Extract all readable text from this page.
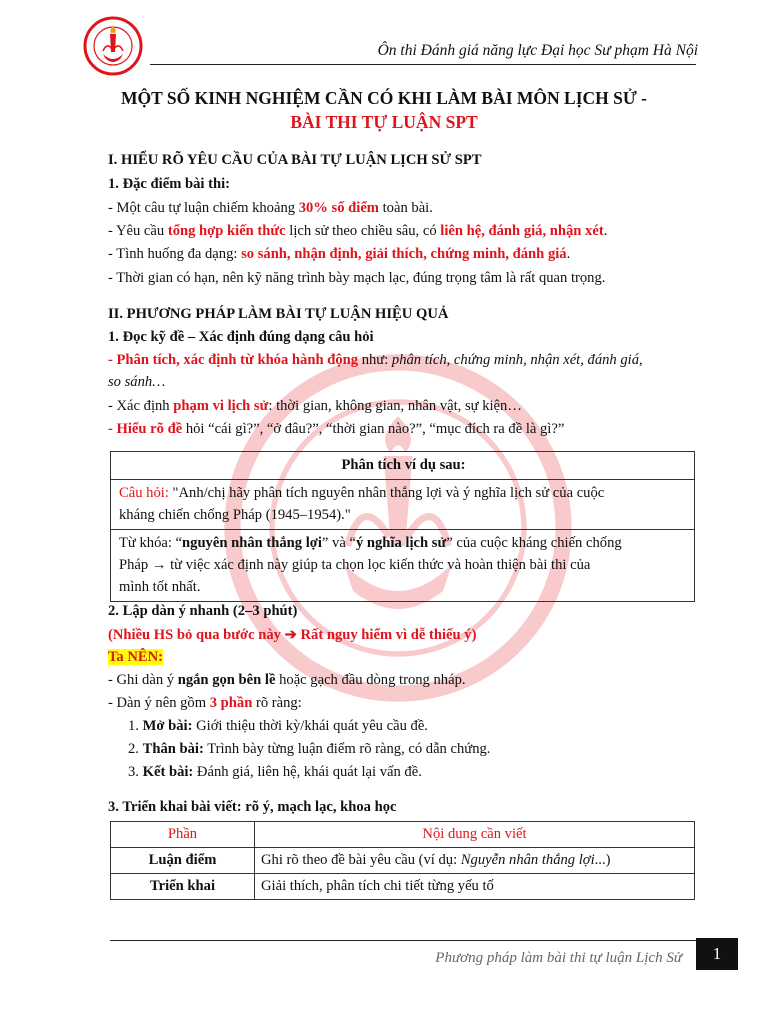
Ôn thi Đánh giá năng lực Đại học Sư phạm Hà Nội
MỘT SỐ KINH NGHIỆM CẦN CÓ KHI LÀM BÀI MÔN LỊCH SỬ -
BÀI THI TỰ LUẬN SPT
I. HIỂU RÕ YÊU CẦU CỦA BÀI TỰ LUẬN LỊCH SỬ SPT
1. Đặc điểm bài thi:
- Một câu tự luận chiếm khoảng 30% số điểm toàn bài.
- Yêu cầu tổng hợp kiến thức lịch sử theo chiều sâu, có liên hệ, đánh giá, nhận xét.
- Tình huống đa dạng: so sánh, nhận định, giải thích, chứng minh, đánh giá.
- Thời gian có hạn, nên kỹ năng trình bày mạch lạc, đúng trọng tâm là rất quan trọng.
II. PHƯƠNG PHÁP LÀM BÀI TỰ LUẬN HIỆU QUẢ
1. Đọc kỹ đề – Xác định đúng dạng câu hỏi
- Phân tích, xác định từ khóa hành động như: phân tích, chứng minh, nhận xét, đánh giá,
so sánh…
- Xác định phạm vi lịch sử: thời gian, không gian, nhân vật, sự kiện…
- Hiểu rõ đề hỏi “cái gì?”, “ở đâu?”, “thời gian nào?”, “mục đích ra đề là gì?”
Phân tích ví dụ sau:
Câu hỏi: "Anh/chị hãy phân tích nguyên nhân thắng lợi và ý nghĩa lịch sử của cuộc
kháng chiến chống Pháp (1945–1954)."
Từ khóa: “nguyên nhân thắng lợi” và “ý nghĩa lịch sử” của cuộc kháng chiến chống
Pháp → từ việc xác định này giúp ta chọn lọc kiến thức và hoàn thiện bài thi của
mình tốt nhất.
2. Lập dàn ý nhanh (2–3 phút)
(Nhiều HS bỏ qua bước này ➔ Rất nguy hiểm vì dễ thiếu ý)
Ta NÊN:
- Ghi dàn ý ngắn gọn bên lề hoặc gạch đầu dòng trong nháp.
- Dàn ý nên gồm 3 phần rõ ràng:
1. Mở bài: Giới thiệu thời kỳ/khái quát yêu cầu đề.
2. Thân bài: Trình bày từng luận điểm rõ ràng, có dẫn chứng.
3. Kết bài: Đánh giá, liên hệ, khái quát lại vấn đề.
3. Triển khai bài viết: rõ ý, mạch lạc, khoa học
Phần	Nội dung cần viết
Luận điểm	Ghi rõ theo đề bài yêu cầu (ví dụ: Nguyễn nhân thắng lợi...)
Triển khai	Giải thích, phân tích chi tiết từng yếu tố
Phương pháp làm bài thi tự luận Lịch Sử	1
